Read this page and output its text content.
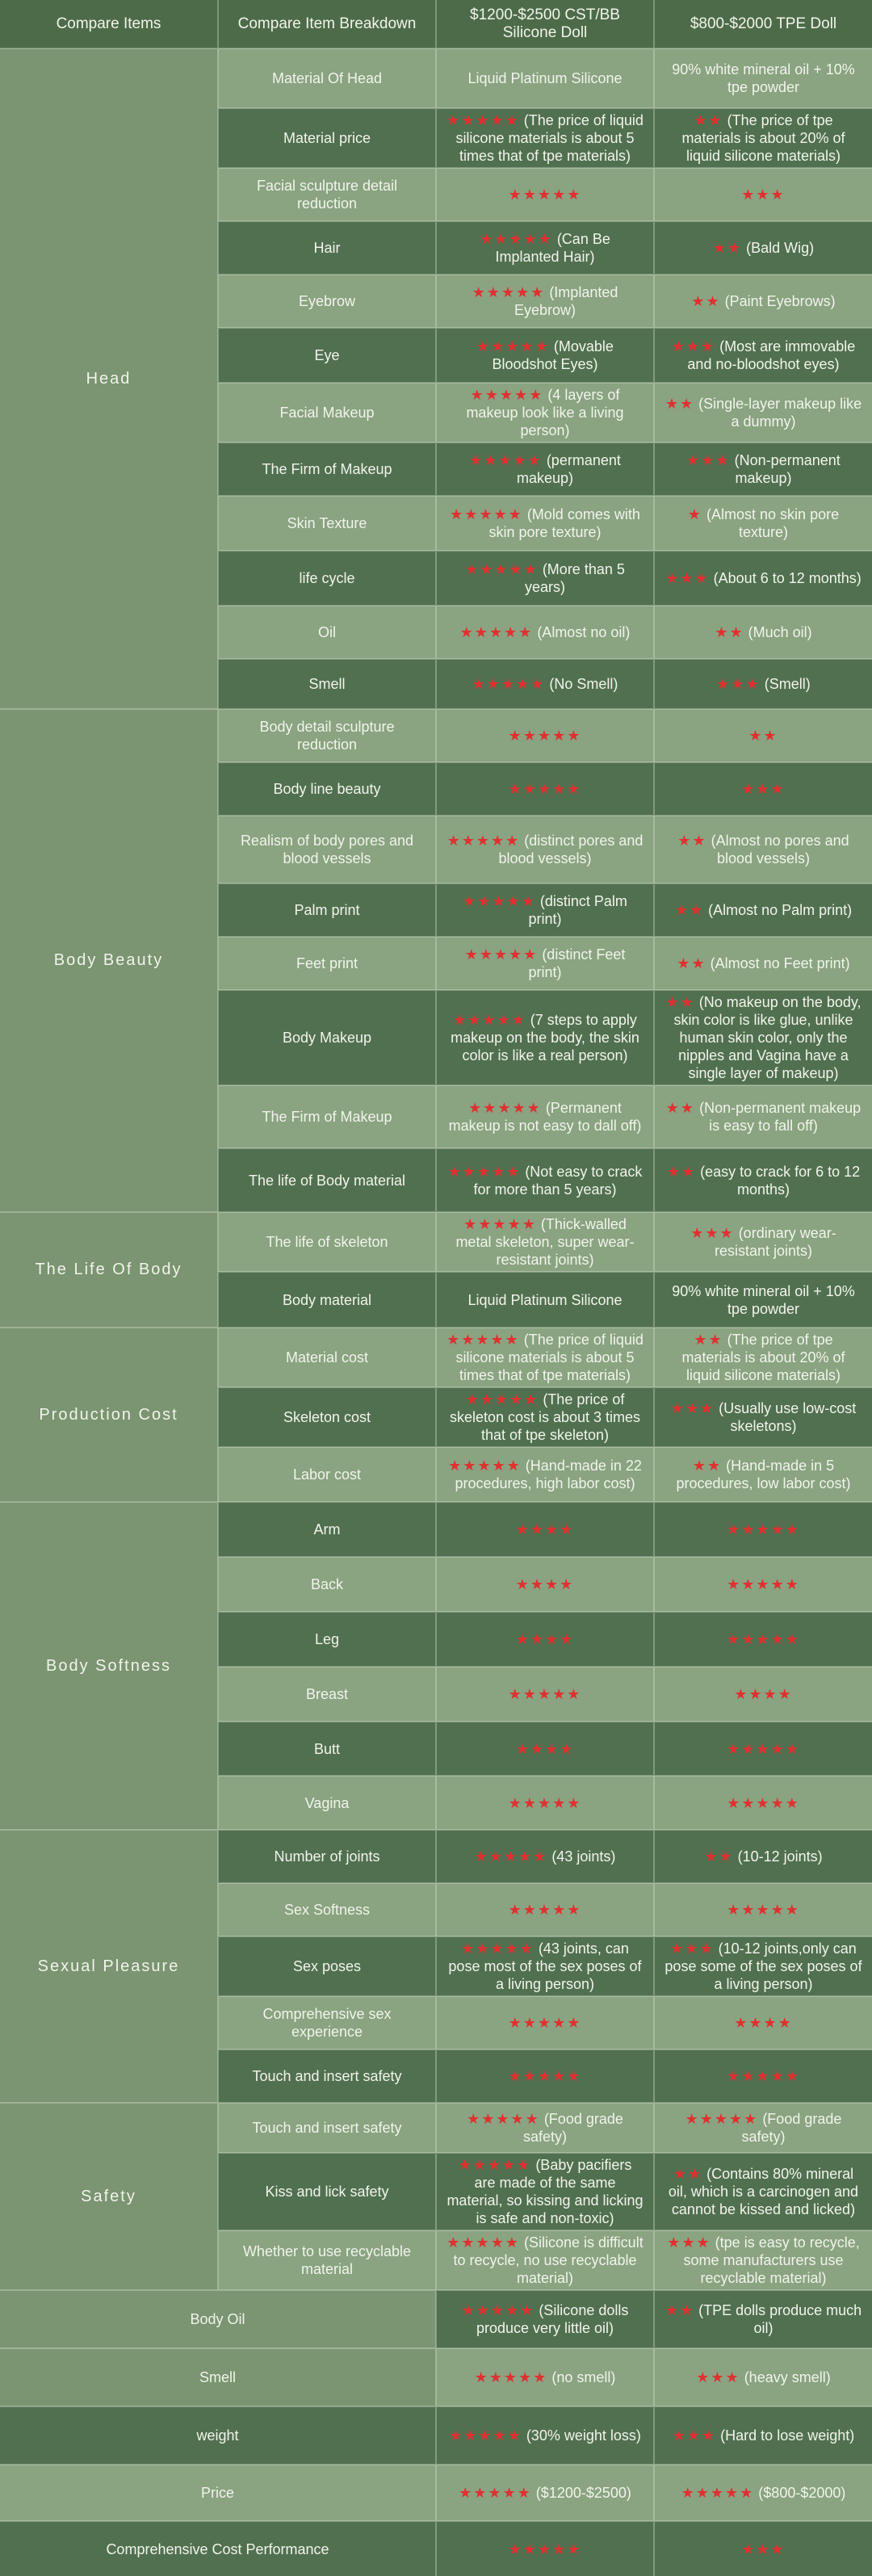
Compare Items	Compare Item Breakdown	$1200-$2500 CST/BB Silicone Doll	$800-$2000 TPE Doll
Head	Material Of Head	Liquid Platinum Silicone	90% white mineral oil + 10% tpe powder
	Material price	★★★★★ (The price of liquid silicone materials is about 5 times that of tpe materials)	★★ (The price of tpe materials is about 20% of liquid silicone materials)
	Facial sculpture detail reduction	★★★★★	★★★
	Hair	★★★★★ (Can Be Implanted Hair)	★★ (Bald Wig)
	Eyebrow	★★★★★ (Implanted Eyebrow)	★★ (Paint Eyebrows)
	Eye	★★★★★ (Movable Bloodshot Eyes)	★★★ (Most are immovable and no-bloodshot eyes)
	Facial Makeup	★★★★★ (4 layers of makeup look like a living person)	★★ (Single-layer makeup like a dummy)
	The Firm of Makeup	★★★★★ (permanent makeup)	★★★ (Non-permanent makeup)
	Skin Texture	★★★★★ (Mold comes with skin pore texture)	★ (Almost no skin pore texture)
	life cycle	★★★★★ (More than 5 years)	★★★ (About 6 to 12 months)
	Oil	★★★★★ (Almost no oil)	★★ (Much oil)
	Smell	★★★★★ (No Smell)	★★★ (Smell)
Body Beauty	Body detail sculpture reduction	★★★★★	★★
	Body line beauty	★★★★★	★★★
	Realism of body pores and blood vessels	★★★★★ (distinct pores and blood vessels)	★★ (Almost no pores and blood vessels)
	Palm print	★★★★★ (distinct Palm print)	★★ (Almost no Palm print)
	Feet print	★★★★★ (distinct Feet print)	★★ (Almost no Feet print)
	Body Makeup	★★★★★ (7 steps to apply makeup on the body, the skin color is like a real person)	★★ (No makeup on the body, skin color is like glue, unlike human skin color, only the nipples and Vagina have a single layer of makeup)
	The Firm of Makeup	★★★★★ (Permanent makeup is not easy to dall off)	★★ (Non-permanent makeup is easy to fall off)
	The life of Body material	★★★★★ (Not easy to crack for more than 5 years)	★★ (easy to crack for 6 to 12 months)
The Life Of Body	The life of skeleton	★★★★★ (Thick-walled metal skeleton, super wear-resistant joints)	★★★ (ordinary wear-resistant joints)
	Body material	Liquid Platinum Silicone	90% white mineral oil + 10% tpe powder
Production Cost	Material cost	★★★★★ (The price of liquid silicone materials is about 5 times that of tpe materials)	★★ (The price of tpe materials is about 20% of liquid silicone materials)
	Skeleton cost	★★★★★ (The price of skeleton cost is about 3 times that of tpe skeleton)	★★★ (Usually use low-cost skeletons)
	Labor cost	★★★★★ (Hand-made in 22 procedures, high labor cost)	★★ (Hand-made in 5 procedures, low labor cost)
Body Softness	Arm	★★★★	★★★★★
	Back	★★★★	★★★★★
	Leg	★★★★	★★★★★
	Breast	★★★★★	★★★★
	Butt	★★★★	★★★★★
	Vagina	★★★★★	★★★★★
Sexual Pleasure	Number of joints	★★★★★ (43 joints)	★★ (10-12 joints)
	Sex Softness	★★★★★	★★★★★
	Sex poses	★★★★★ (43 joints, can pose most of the sex poses of a living person)	★★★ (10-12 joints,only can pose some of the sex poses of a living person)
	Comprehensive sex experience	★★★★★	★★★★
	Touch and insert safety	★★★★★	★★★★★
Safety	Touch and insert safety	★★★★★ (Food grade safety)	★★★★★ (Food grade safety)
	Kiss and lick safety	★★★★★ (Baby pacifiers are made of the same material, so kissing and licking is safe and non-toxic)	★★ (Contains 80% mineral oil, which is a carcinogen and cannot be kissed and licked)
	Whether to use recyclable material	★★★★★ (Silicone is difficult to recycle, no use recyclable material)	★★★ (tpe is easy to recycle, some manufacturers use recyclable material)
Body Oil		★★★★★ (Silicone dolls produce very little oil)	★★ (TPE dolls produce much oil)
Smell		★★★★★ (no smell)	★★★ (heavy smell)
weight		★★★★★ (30% weight loss)	★★★ (Hard to lose weight)
Price		★★★★★ ($1200-$2500)	★★★★★ ($800-$2000)
Comprehensive Cost Performance		★★★★★	★★★
